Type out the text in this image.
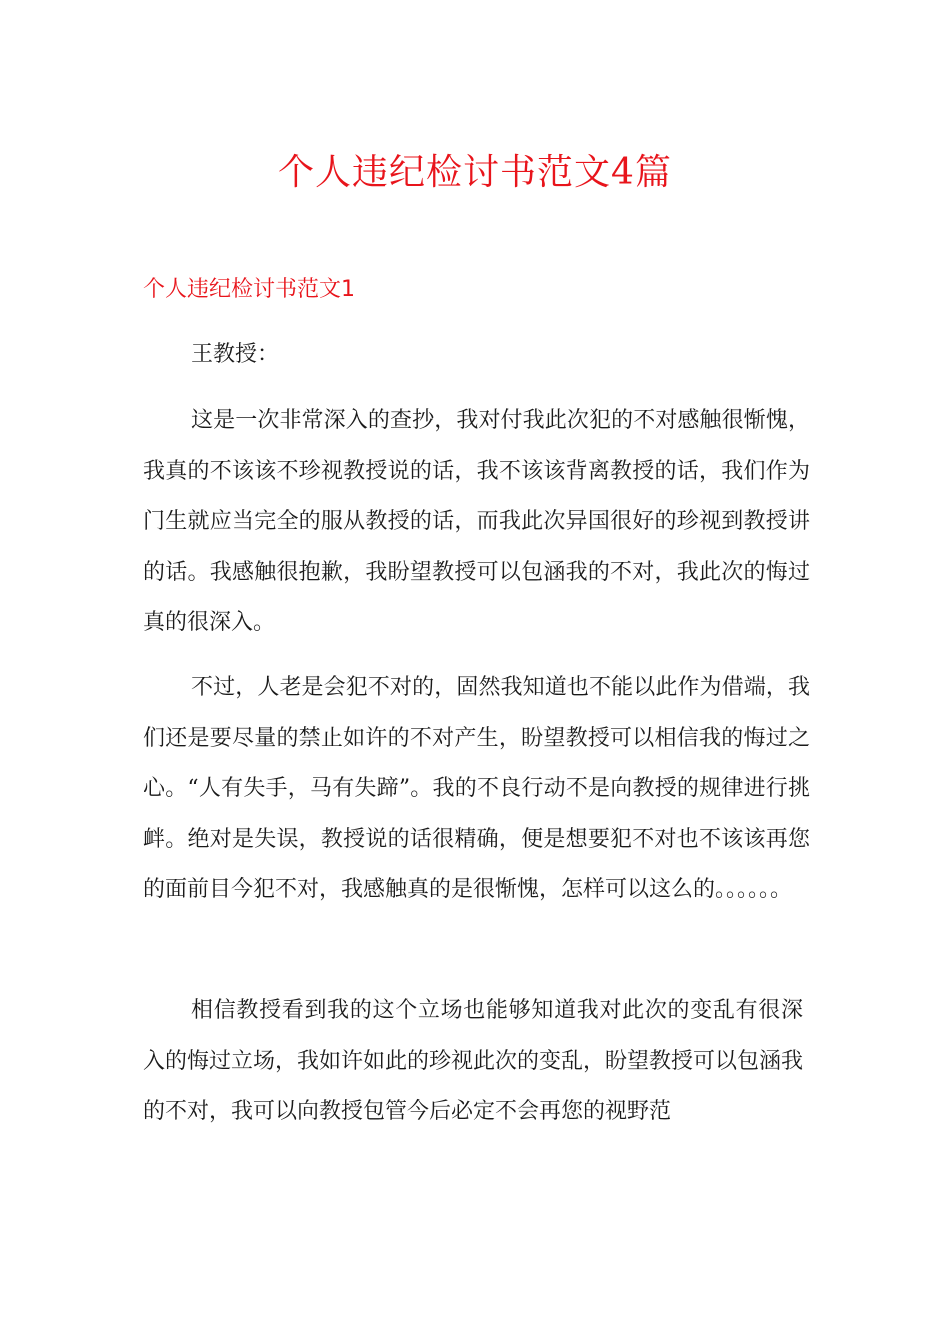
个人违纪检讨书范文4篇
个人违纪检讨书范文1

王教授：

这是一次非常深入的查抄，我对付我此次犯的不对感触很惭愧，我真的不该该不珍视教授说的话，我不该该背离教授的话，我们作为门生就应当完全的服从教授的话，而我此次异国很好的珍视到教授讲的话。我感触很抱歉，我盼望教授可以包涵我的不对，我此次的悔过真的很深入。

不过，人老是会犯不对的，固然我知道也不能以此作为借端，我们还是要尽量的禁止如许的不对产生，盼望教授可以相信我的悔过之心。“人有失手，马有失蹄”。我的不良行动不是向教授的规律进行挑衅。绝对是失误，教授说的话很精确，便是想要犯不对也不该该再您的面前目今犯不对，我感触真的是很惭愧，怎样可以这么的。。。。。。

相信教授看到我的这个立场也能够知道我对此次的变乱有很深入的悔过立场，我如许如此的珍视此次的变乱，盼望教授可以包涵我的不对，我可以向教授包管今后必定不会再您的视野范
